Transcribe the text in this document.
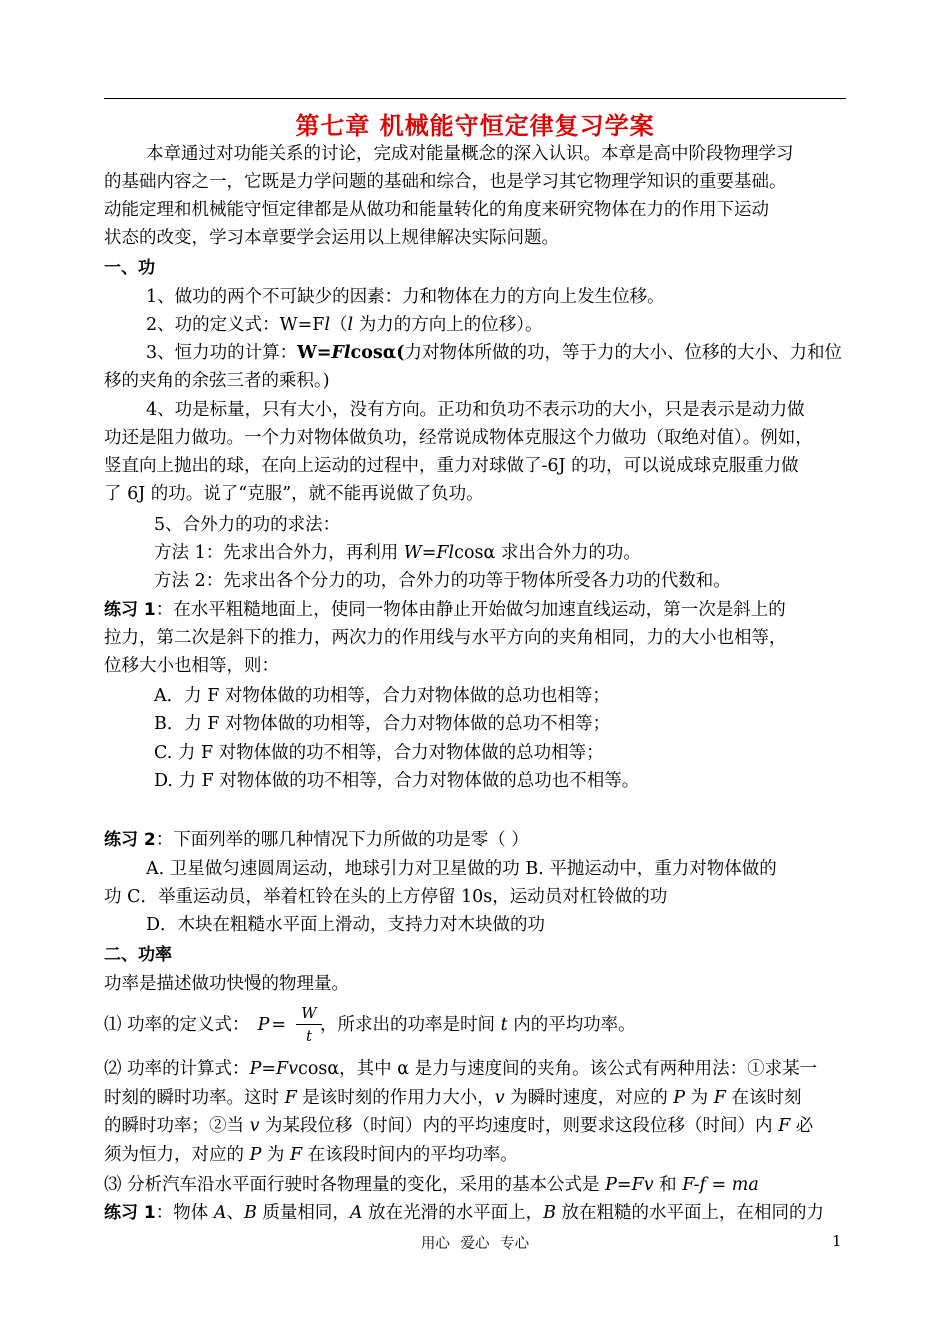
第七章 机械能守恒定律复习学案
本章通过对功能关系的讨论，完成对能量概念的深入认识。本章是高中阶段物理学习
的基础内容之一，它既是力学问题的基础和综合，也是学习其它物理学知识的重要基础。
动能定理和机械能守恒定律都是从做功和能量转化的角度来研究物体在力的作用下运动
状态的改变，学习本章要学会运用以上规律解决实际问题。
一、功
1、做功的两个不可缺少的因素：力和物体在力的方向上发生位移。
2、功的定义式：W=Fl（l 为力的方向上的位移）。
3、恒力功的计算：W=Flcosα(力对物体所做的功，等于力的大小、位移的大小、力和位
移的夹角的余弦三者的乘积。)
4、功是标量，只有大小，没有方向。正功和负功不表示功的大小，只是表示是动力做
功还是阻力做功。一个力对物体做负功，经常说成物体克服这个力做功（取绝对值）。例如，
竖直向上抛出的球，在向上运动的过程中，重力对球做了-6J 的功，可以说成球克服重力做
了 6J 的功。说了“克服”，就不能再说做了负功。
5、合外力的功的求法：
方法 1：先求出合外力，再利用 W=Flcosα 求出合外力的功。
方法 2：先求出各个分力的功，合外力的功等于物体所受各力功的代数和。
练习 1：在水平粗糙地面上，使同一物体由静止开始做匀加速直线运动，第一次是斜上的
拉力，第二次是斜下的推力，两次力的作用线与水平方向的夹角相同，力的大小也相等，
位移大小也相等，则：
A．力 F 对物体做的功相等，合力对物体做的总功也相等；
B．力 F 对物体做的功相等，合力对物体做的总功不相等；
C. 力 F 对物体做的功不相等，合力对物体做的总功相等；
D. 力 F 对物体做的功不相等，合力对物体做的总功也不相等。
练习 2：下面列举的哪几种情况下力所做的功是零（ ）
A. 卫星做匀速圆周运动，地球引力对卫星做的功 B. 平抛运动中，重力对物体做的
功 C．举重运动员，举着杠铃在头的上方停留 10s，运动员对杠铃做的功
D．木块在粗糙水平面上滑动，支持力对木块做的功
二、功率
功率是描述做功快慢的物理量。
⑴ 功率的定义式： P = ，所求出的功率是时间 t 内的平均功率。
W
t
⑵ 功率的计算式：P=Fvcosα，其中 α 是力与速度间的夹角。该公式有两种用法：①求某一
时刻的瞬时功率。这时 F 是该时刻的作用力大小，v 为瞬时速度，对应的 P 为 F 在该时刻
的瞬时功率；②当 v 为某段位移（时间）内的平均速度时，则要求这段位移（时间）内 F 必
须为恒力，对应的 P 为 F 在该段时间内的平均功率。
⑶ 分析汽车沿水平面行驶时各物理量的变化，采用的基本公式是 P=Fv 和 F-f = ma
练习 1：物体 A、B 质量相同，A 放在光滑的水平面上，B 放在粗糙的水平面上，在相同的力
用心 爱心 专心	1
